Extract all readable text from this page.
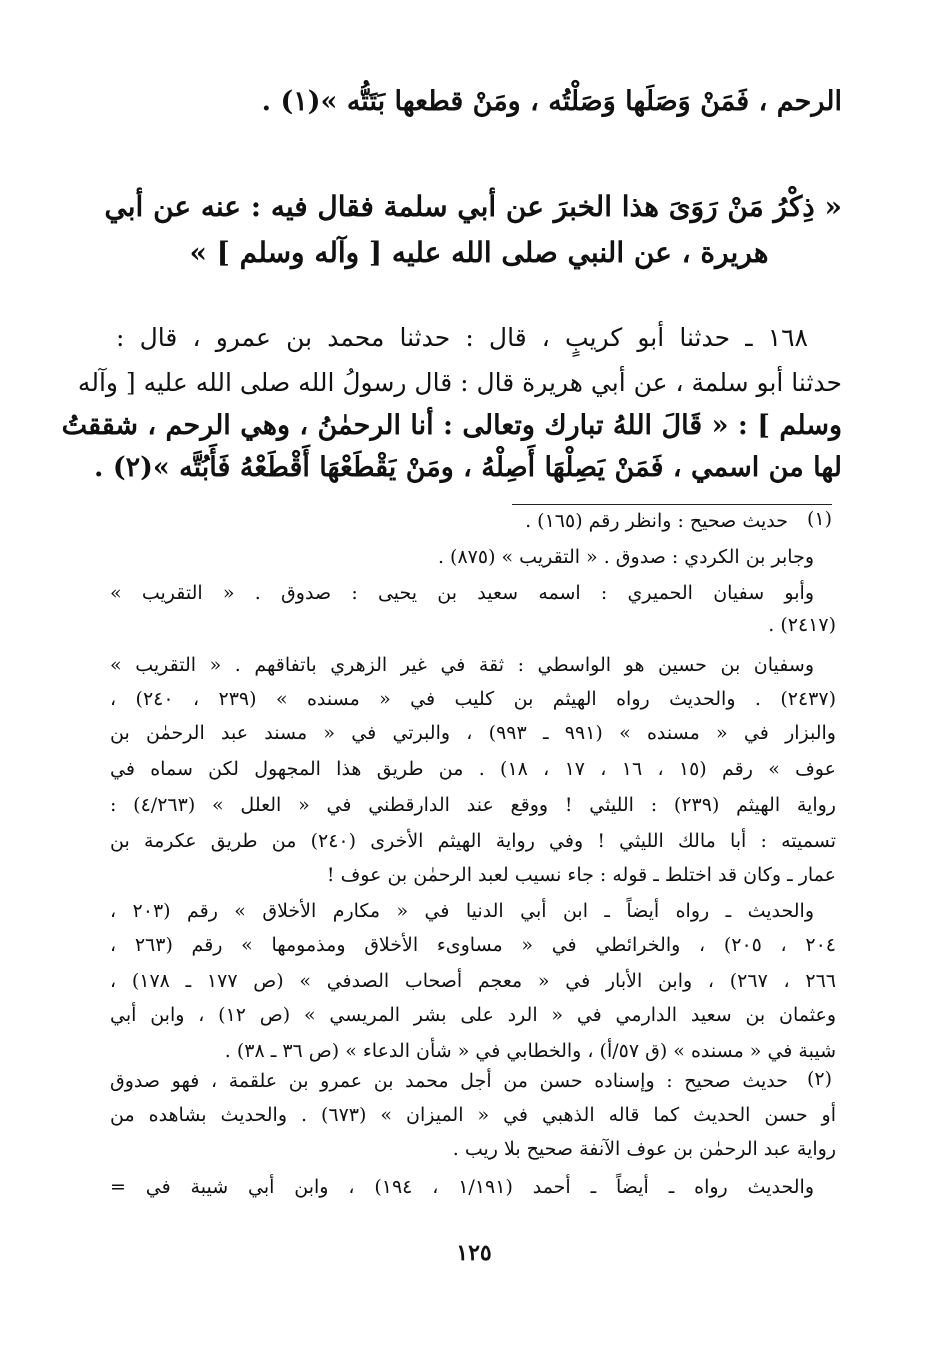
الرحم ، فَمَنْ وَصَلَها وَصَلْتُه ، ومَنْ قطعها بَتَتُّه »(١) .
« ذِكْرُ مَنْ رَوَىَ هذا الخبرَ عن أبي سلمة فقال فيه : عنه عن أبي
هريرة ، عن النبي صلى الله عليه [ وآله وسلم ] »
١٦٨ ـ حدثنا أبو كريبٍ ، قال : حدثنا محمد بن عمرو ، قال :
حدثنا أبو سلمة ، عن أبي هريرة قال : قال رسولُ الله صلى الله عليه [ وآله
وسلم ] : « قَالَ اللهُ تبارك وتعالى : أنا الرحمٰنُ ، وهي الرحم ، شققتُ
لها من اسمي ، فَمَنْ يَصِلْهَا أَصِلْهُ ، ومَنْ يَقْطَعْهَا أَقْطَعْهُ فَأَبُتَّه »(٢) .
(١)
حديث صحيح : وانظر رقم (١٦٥) .
وجابر بن الكردي : صدوق . « التقريب » (٨٧٥) .
وأبو سفيان الحميري : اسمه سعيد بن يحيى : صدوق . « التقريب »
(٢٤١٧) .
وسفيان بن حسين هو الواسطي : ثقة في غير الزهري باتفاقهم . « التقريب »
(٢٤٣٧) . والحديث رواه الهيثم بن كليب في « مسنده » (٢٣٩ ، ٢٤٠) ،
والبزار في « مسنده » (٩٩١ ـ ٩٩٣) ، والبرتي في « مسند عبد الرحمٰن بن
عوف » رقم (١٥ ، ١٦ ، ١٧ ، ١٨) . من طريق هذا المجهول لكن سماه في
رواية الهيثم (٢٣٩) : الليثي ! ووقع عند الدارقطني في « العلل » (٤/٢٦٣) :
تسميته : أبا مالك الليثي ! وفي رواية الهيثم الأخرى (٢٤٠) من طريق عكرمة بن
عمار ـ وكان قد اختلط ـ قوله : جاء نسيب لعبد الرحمٰن بن عوف !
والحديث ـ رواه أيضاً ـ ابن أبي الدنيا في « مكارم الأخلاق » رقم (٢٠٣ ،
٢٠٤ ، ٢٠٥) ، والخرائطي في « مساوىء الأخلاق ومذمومها » رقم (٢٦٣ ،
٢٦٦ ، ٢٦٧) ، وابن الأبار في « معجم أصحاب الصدفي » (ص ١٧٧ ـ ١٧٨) ،
وعثمان بن سعيد الدارمي في « الرد على بشر المريسي » (ص ١٢) ، وابن أبي
شيبة في « مسنده » (ق ٥٧/أ) ، والخطابي في « شأن الدعاء » (ص ٣٦ ـ ٣٨) .
(٢)
حديث صحيح : وإسناده حسن من أجل محمد بن عمرو بن علقمة ، فهو صدوق
أو حسن الحديث كما قاله الذهبي في « الميزان » (٦٧٣) . والحديث بشاهده من
رواية عبد الرحمٰن بن عوف الآنفة صحيح بلا ريب .
والحديث رواه ـ أيضاً ـ أحمد (١/١٩١ ، ١٩٤) ، وابن أبي شيبة في =
١٢٥
